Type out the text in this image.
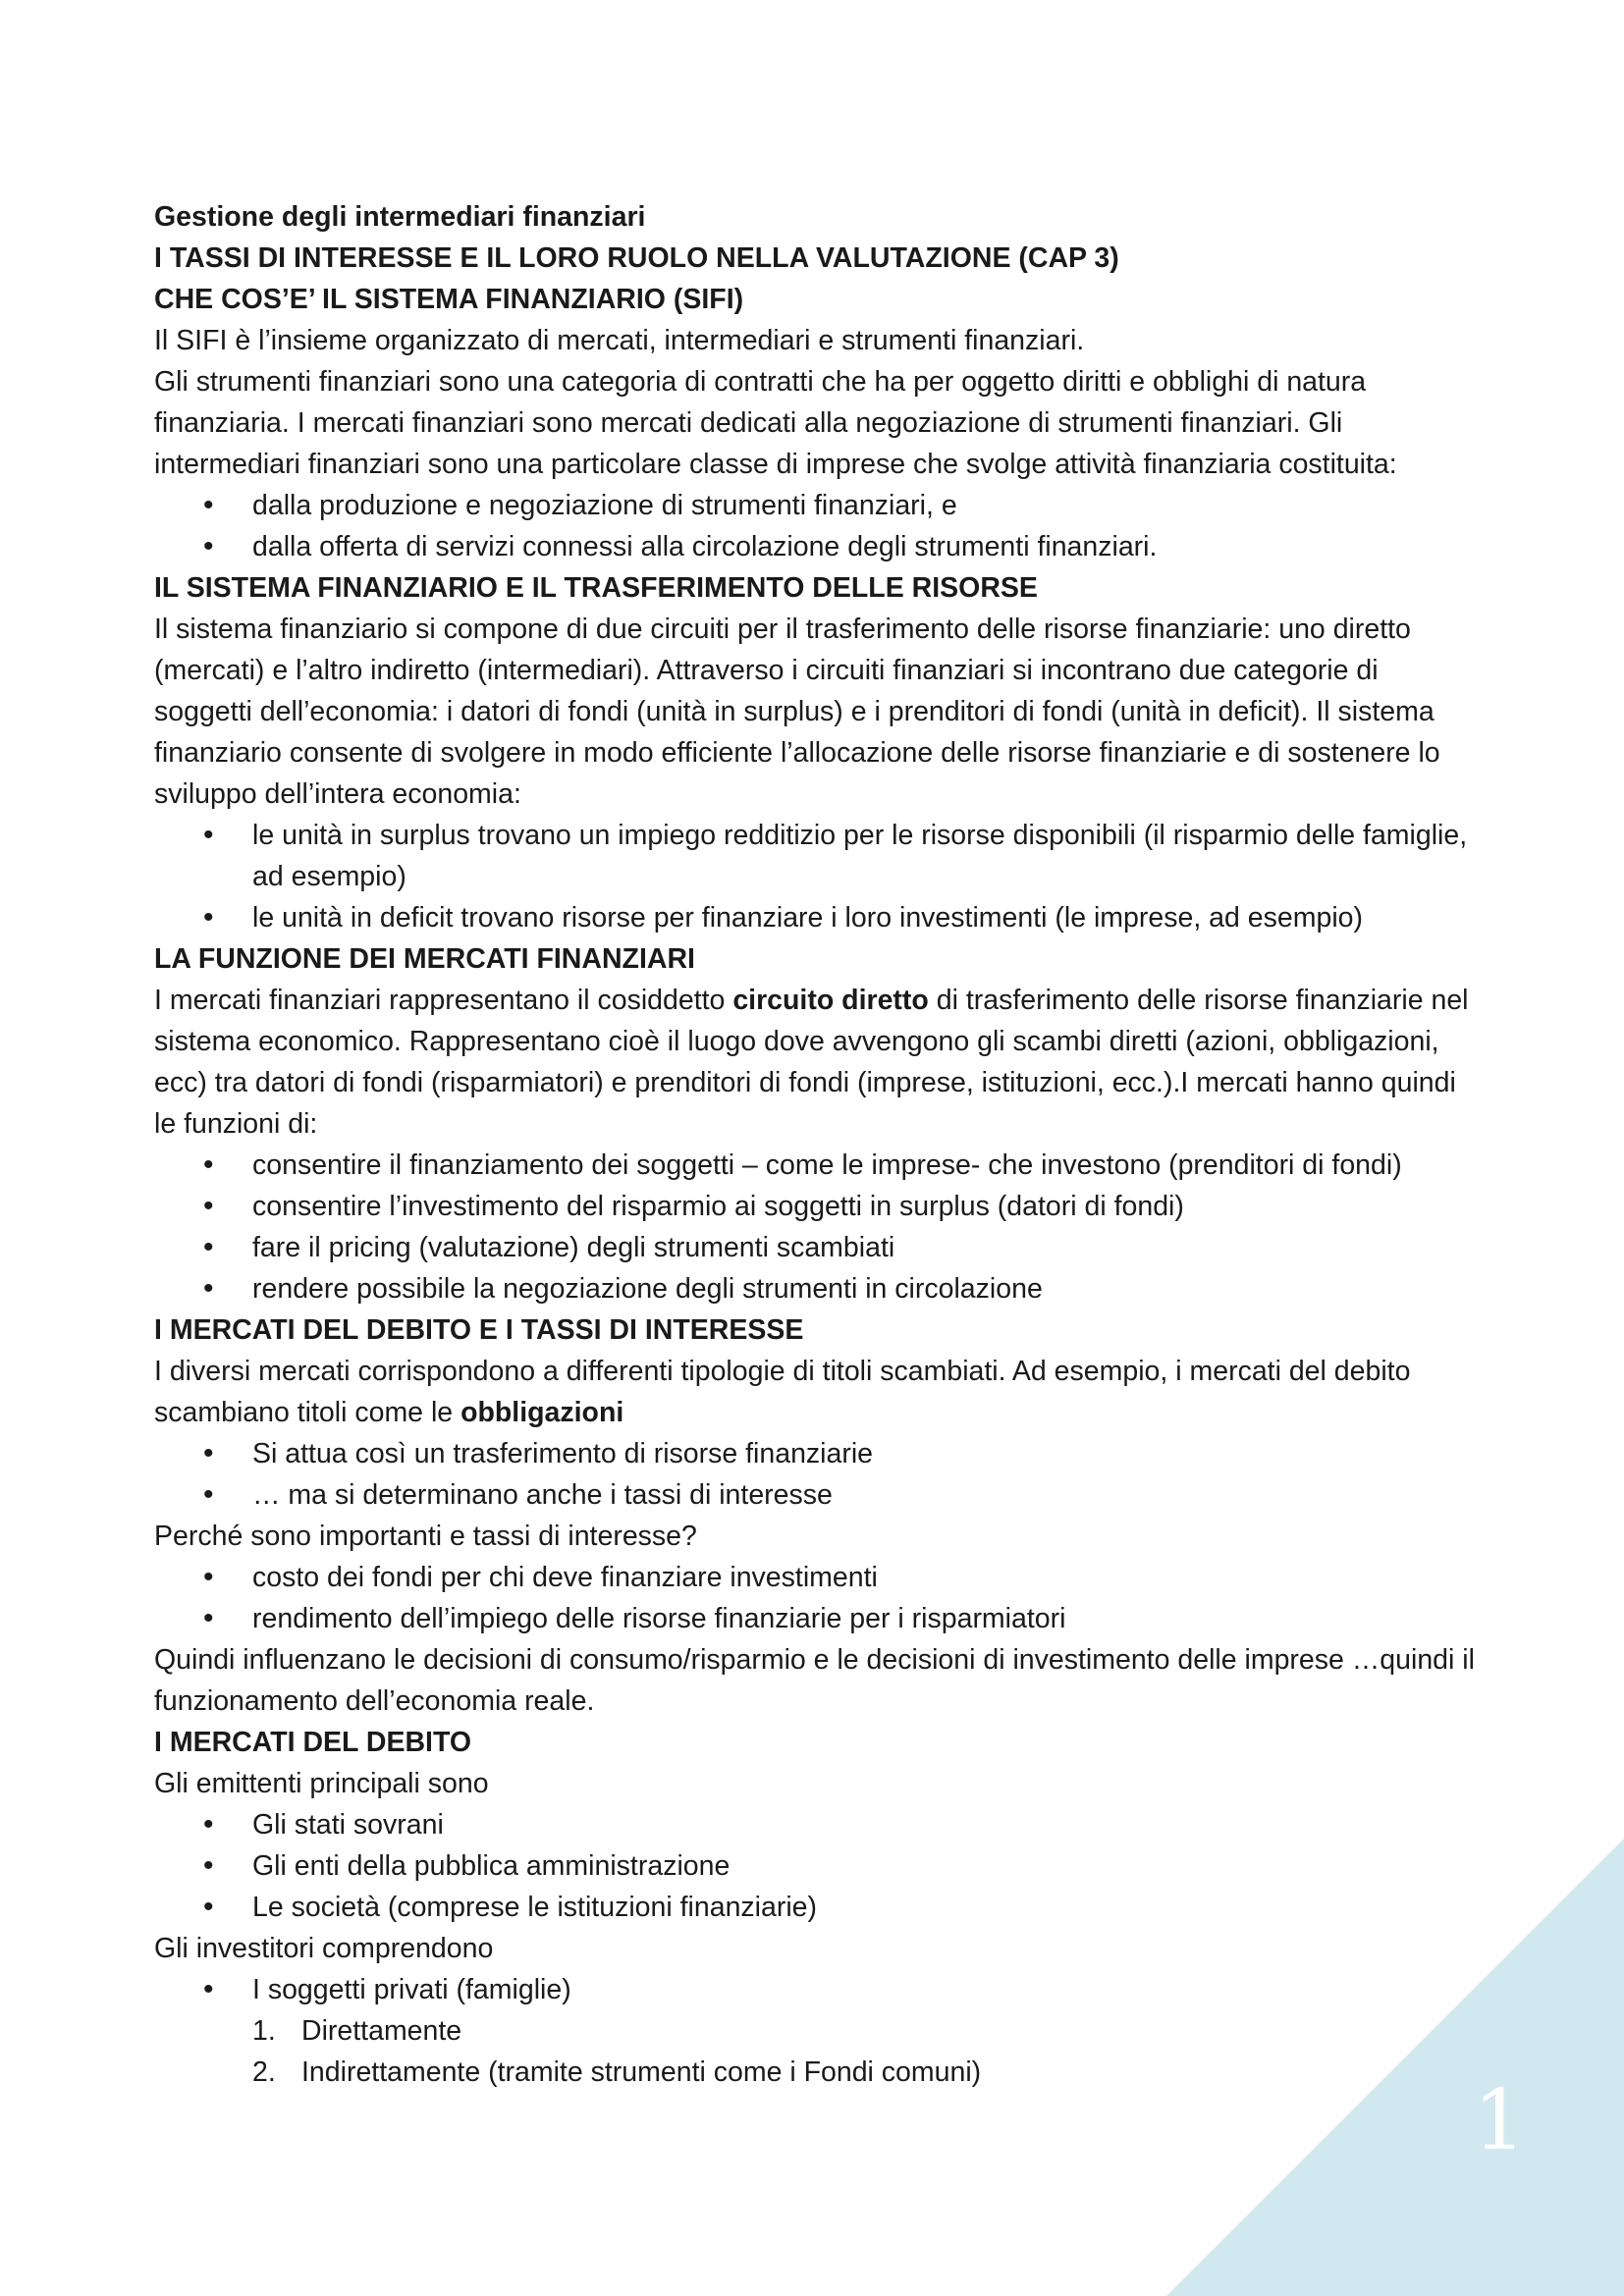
1

Gestione degli intermediari finanziari

I TASSI DI INTERESSE E IL LORO RUOLO NELLA VALUTAZIONE (CAP 3)

CHE COS’E’ IL SISTEMA FINANZIARIO (SIFI)

Il SIFI è l’insieme organizzato di mercati, intermediari e strumenti finanziari.

Gli strumenti finanziari sono una categoria di contratti che ha per oggetto diritti e obblighi di natura finanziaria. I mercati finanziari sono mercati dedicati alla negoziazione di strumenti finanziari. Gli intermediari finanziari sono una particolare classe di imprese che svolge attività finanziaria costituita:

• dalla produzione e negoziazione di strumenti finanziari, e
• dalla offerta di servizi connessi alla circolazione degli strumenti finanziari.

IL SISTEMA FINANZIARIO E IL TRASFERIMENTO DELLE RISORSE

Il sistema finanziario si compone di due circuiti per il trasferimento delle risorse finanziarie: uno diretto (mercati) e l’altro indiretto (intermediari). Attraverso i circuiti finanziari si incontrano due categorie di soggetti dell’economia: i datori di fondi (unità in surplus) e i prenditori di fondi (unità in deficit). Il sistema finanziario consente di svolgere in modo efficiente l’allocazione delle risorse finanziarie e di sostenere lo sviluppo dell’intera economia:

• le unità in surplus trovano un impiego redditizio per le risorse disponibili (il risparmio delle famiglie, ad esempio)
• le unità in deficit trovano risorse per finanziare i loro investimenti (le imprese, ad esempio)

LA FUNZIONE DEI MERCATI FINANZIARI

I mercati finanziari rappresentano il cosiddetto circuito diretto di trasferimento delle risorse finanziarie nel sistema economico. Rappresentano cioè il luogo dove avvengono gli scambi diretti (azioni, obbligazioni, ecc) tra datori di fondi (risparmiatori) e prenditori di fondi (imprese, istituzioni, ecc.).I mercati hanno quindi le funzioni di:

• consentire il finanziamento dei soggetti – come le imprese- che investono (prenditori di fondi)
• consentire l’investimento del risparmio ai soggetti in surplus (datori di fondi)
• fare il pricing (valutazione) degli strumenti scambiati
• rendere possibile la negoziazione degli strumenti in circolazione

I MERCATI DEL DEBITO E I TASSI DI INTERESSE

I diversi mercati corrispondono a differenti tipologie di titoli scambiati. Ad esempio, i mercati del debito scambiano titoli come le obbligazioni

• Si attua così un trasferimento di risorse finanziarie
• … ma si determinano anche i tassi di interesse

Perché sono importanti e tassi di interesse?

• costo dei fondi per chi deve finanziare investimenti
• rendimento dell’impiego delle risorse finanziarie per i risparmiatori

Quindi influenzano le decisioni di consumo/risparmio e le decisioni di investimento delle imprese …quindi il funzionamento dell’economia reale.

I MERCATI DEL DEBITO

Gli emittenti principali sono

• Gli stati sovrani
• Gli enti della pubblica amministrazione
• Le società (comprese le istituzioni finanziarie)

Gli investitori comprendono

• I soggetti privati (famiglie)
1. Direttamente
2. Indirettamente (tramite strumenti come i Fondi comuni)
